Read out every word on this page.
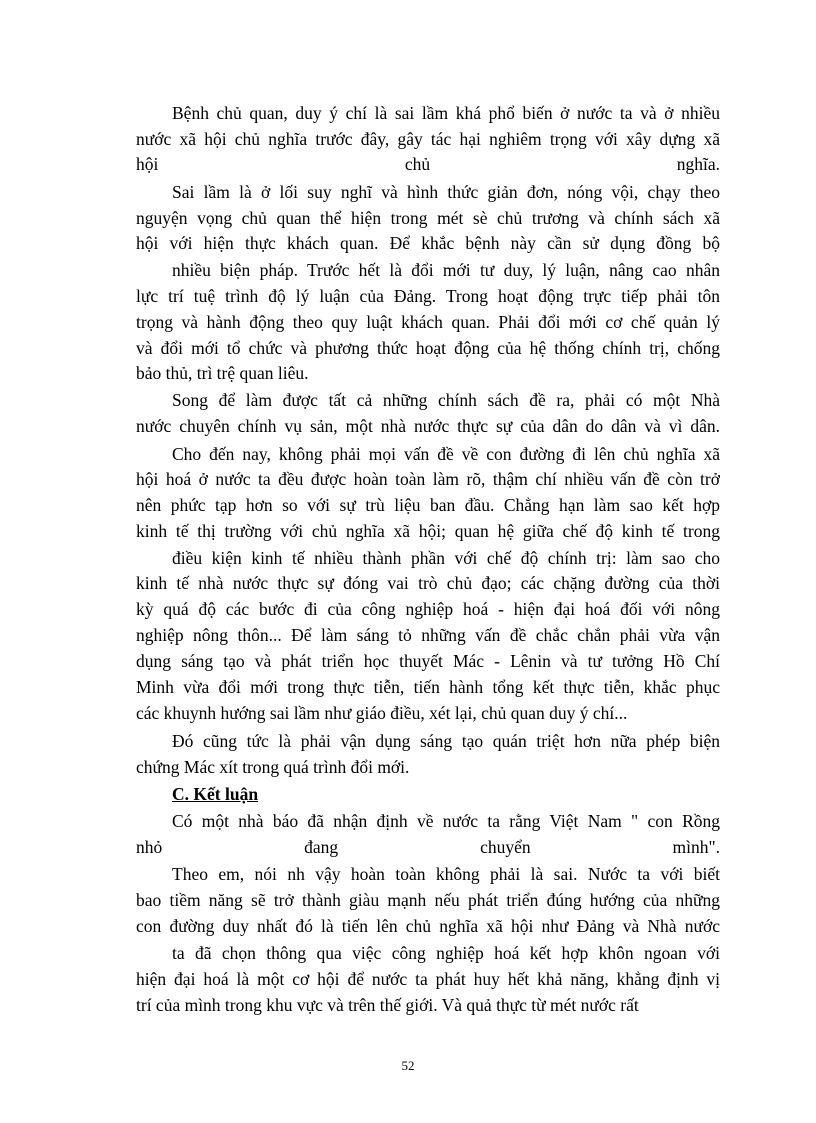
Bệnh chủ quan, duy ý chí là sai lầm khá phổ biến ở nước ta và ở nhiều
nước xã hội chủ nghĩa trước đây, gây tác hại nghiêm trọng với xây dựng xã
hội chủ nghĩa.
Sai lầm là ở lối suy nghĩ và hình thức giản đơn, nóng vội, chạy theo
nguyện vọng chủ quan thể hiện trong mét sè chủ trương và chính sách xã
hội với hiện thực khách quan. Để khắc bệnh này cần sử dụng đồng bộ
nhiều biện pháp. Trước hết là đổi mới tư duy, lý luận, nâng cao nhân
lực trí tuệ trình độ lý luận của Đảng. Trong hoạt động trực tiếp phải tôn
trọng và hành động theo quy luật khách quan. Phải đổi mới cơ chế quản lý
và đổi mới tổ chức và phương thức hoạt động của hệ thống chính trị, chống
bảo thủ, trì trệ quan liêu.
Song để làm được tất cả những chính sách đề ra, phải có một Nhà
nước chuyên chính vụ sản, một nhà nước thực sự của dân do dân và vì dân.
Cho đến nay, không phải mọi vấn đề về con đường đi lên chủ nghĩa xã
hội hoá ở nước ta đều được hoàn toàn làm rõ, thậm chí nhiều vấn đề còn trở
nên phức tạp hơn so với sự trù liệu ban đầu. Chẳng hạn làm sao kết hợp
kinh tế thị trường với chủ nghĩa xã hội; quan hệ giữa chế độ kinh tế trong
điều kiện kinh tế nhiều thành phần với chế độ chính trị: làm sao cho
kinh tế nhà nước thực sự đóng vai trò chủ đạo; các chặng đường của thời
kỳ quá độ các bước đi của công nghiệp hoá - hiện đại hoá đối với nông
nghiệp nông thôn... Để làm sáng tỏ những vấn đề chắc chắn phải vừa vận
dụng sáng tạo và phát triển học thuyết Mác - Lênin và tư tưởng Hồ Chí
Minh vừa đổi mới trong thực tiễn, tiến hành tổng kết thực tiễn, khắc phục
các khuynh hướng sai lầm như giáo điều, xét lại, chủ quan duy ý chí...
Đó cũng tức là phải vận dụng sáng tạo quán triệt hơn nữa phép biện
chứng Mác xít trong quá trình đổi mới.
C. Kết luận
Có một nhà báo đã nhận định về nước ta rằng Việt Nam " con Rồng
nhỏ đang chuyển mình".
Theo em, nói nh vậy hoàn toàn không phải là sai. Nước ta với biết
bao tiềm năng sẽ trở thành giàu mạnh nếu phát triển đúng hướng của những
con đường duy nhất đó là tiến lên chủ nghĩa xã hội như Đảng và Nhà nước
ta đã chọn thông qua việc công nghiệp hoá kết hợp khôn ngoan với
hiện đại hoá là một cơ hội để nước ta phát huy hết khả năng, khẳng định vị
trí của mình trong khu vực và trên thế giới. Và quả thực từ mét nước rất
52
